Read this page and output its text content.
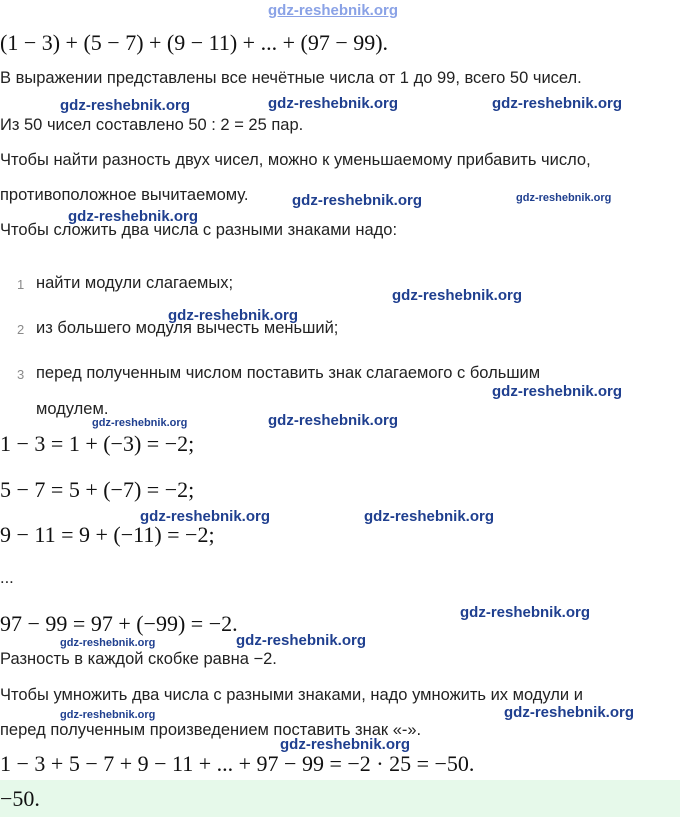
gdz-reshebnik.org
(1 − 3) + (5 − 7) + (9 − 11) + ... + (97 − 99).
В выражении представлены все нечётные числа от 1 до 99, всего 50 чисел.
gdz-reshebnik.org	gdz-reshebnik.org	gdz-reshebnik.org
Из 50 чисел составлено 50 : 2 = 25 пар.
Чтобы найти разность двух чисел, можно к уменьшаемому прибавить число,
противоположное вычитаемому.	gdz-reshebnik.org	gdz-reshebnik.org
gdz-reshebnik.org
Чтобы сложить два числа с разными знаками надо:
1 найти модули слагаемых;
2 из большего модуля вычесть меньший;
3 перед полученным числом поставить знак слагаемого с большим
модулем.
gdz-reshebnik.org
gdz-reshebnik.org
gdz-reshebnik.org
gdz-reshebnik.org	gdz-reshebnik.org
1 − 3 = 1 + (−3) = −2;
5 − 7 = 5 + (−7) = −2;
gdz-reshebnik.org	gdz-reshebnik.org
9 − 11 = 9 + (−11) = −2;
...
gdz-reshebnik.org
97 − 99 = 97 + (−99) = −2.
gdz-reshebnik.org	gdz-reshebnik.org
Разность в каждой скобке равна −2.
Чтобы умножить два числа с разными знаками, надо умножить их модули и
gdz-reshebnik.org	gdz-reshebnik.org
перед полученным произведением поставить знак «-».
gdz-reshebnik.org
1 − 3 + 5 − 7 + 9 − 11 + ... + 97 − 99 = −2 · 25 = −50.
−50.
